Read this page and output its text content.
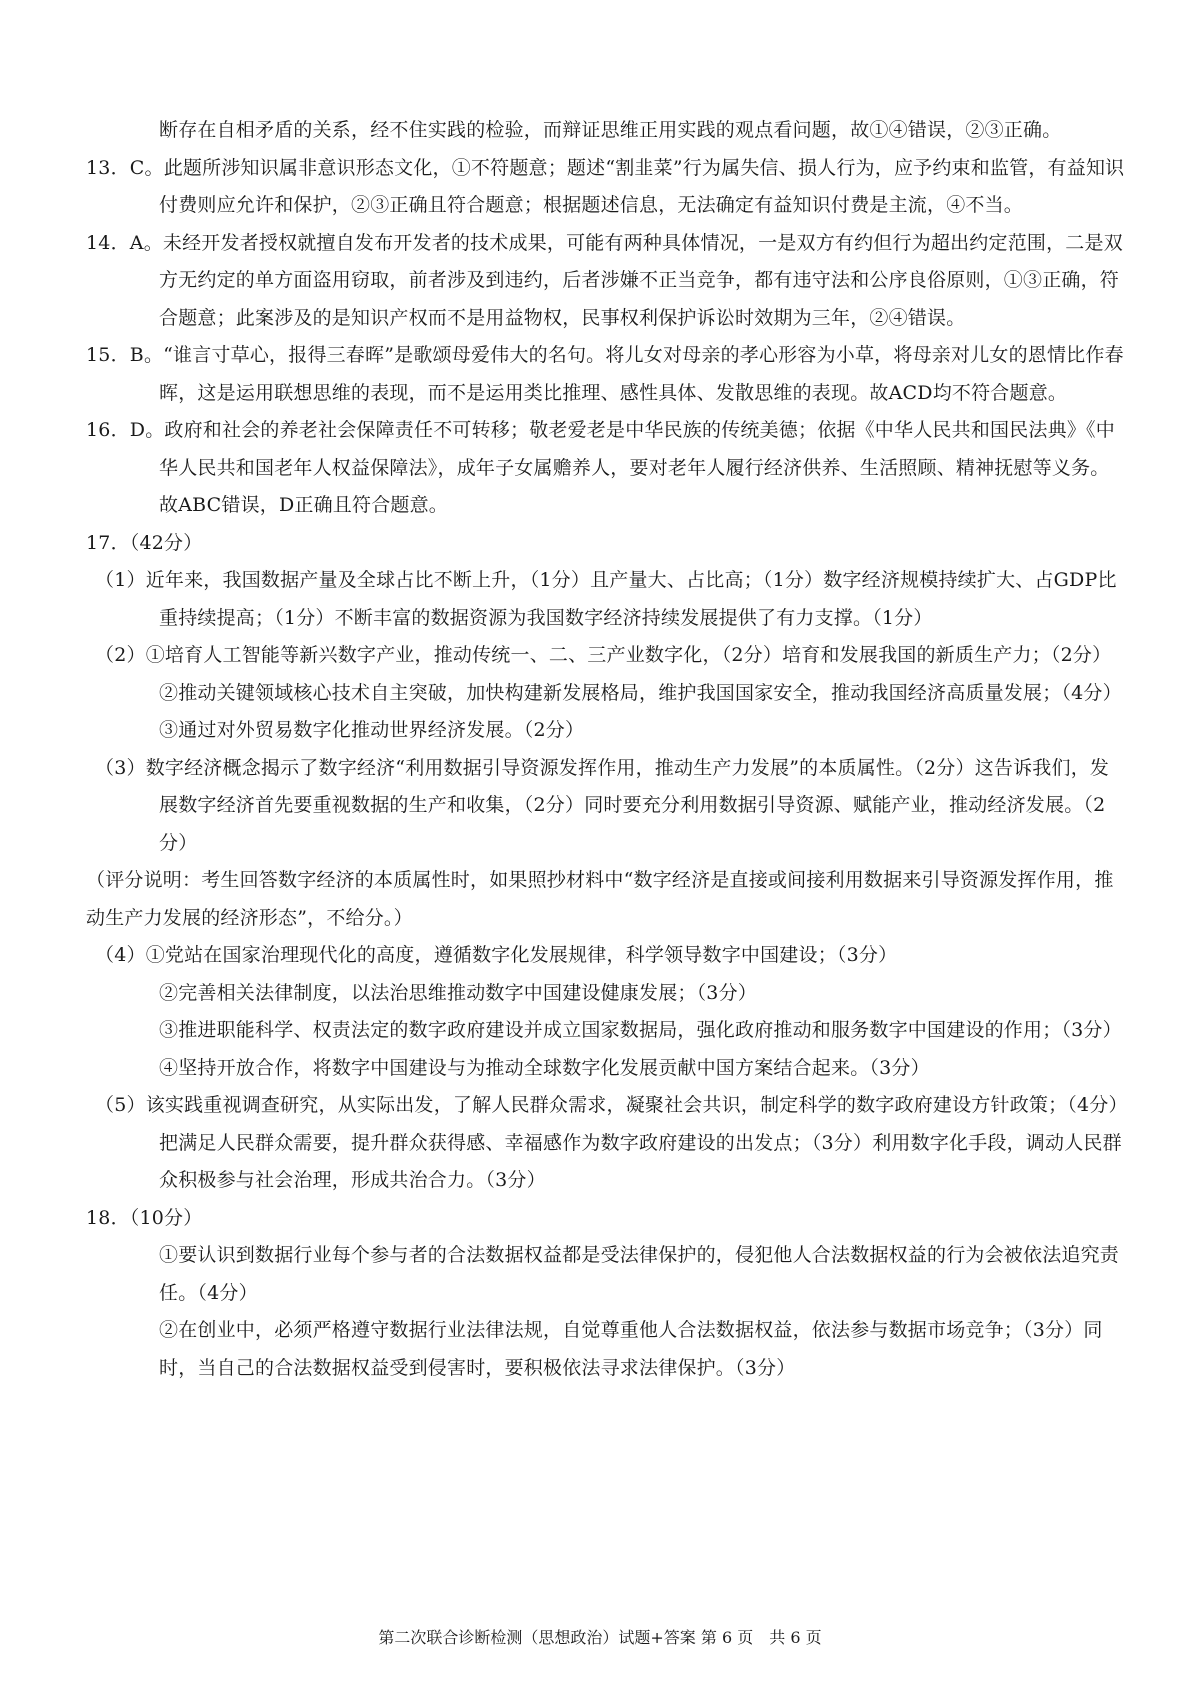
断存在自相矛盾的关系，经不住实践的检验，而辩证思维正用实践的观点看问题，故①④错误，②③正确。

13．C。此题所涉知识属非意识形态文化，①不符题意；题述“割韭菜”行为属失信、损人行为，应予约束和监管，有益知识付费则应允许和保护，②③正确且符合题意；根据题述信息，无法确定有益知识付费是主流，④不当。

14．A。未经开发者授权就擅自发布开发者的技术成果，可能有两种具体情况，一是双方有约但行为超出约定范围，二是双方无约定的单方面盗用窃取，前者涉及到违约，后者涉嫌不正当竞争，都有违守法和公序良俗原则，①③正确，符合题意；此案涉及的是知识产权而不是用益物权，民事权利保护诉讼时效期为三年，②④错误。

15．B。“谁言寸草心，报得三春晖”是歌颂母爱伟大的名句。将儿女对母亲的孝心形容为小草，将母亲对儿女的恩情比作春晖，这是运用联想思维的表现，而不是运用类比推理、感性具体、发散思维的表现。故ACD均不符合题意。

16．D。政府和社会的养老社会保障责任不可转移；敬老爱老是中华民族的传统美德；依据《中华人民共和国民法典》《中华人民共和国老年人权益保障法》，成年子女属赡养人，要对老年人履行经济供养、生活照顾、精神抚慰等义务。故ABC错误，D正确且符合题意。

17．（42分）

（1）近年来，我国数据产量及全球占比不断上升，（1分）且产量大、占比高；（1分）数字经济规模持续扩大、占GDP比重持续提高；（1分）不断丰富的数据资源为我国数字经济持续发展提供了有力支撑。（1分）

（2）①培育人工智能等新兴数字产业，推动传统一、二、三产业数字化，（2分）培育和发展我国的新质生产力；（2分）

②推动关键领域核心技术自主突破，加快构建新发展格局，维护我国国家安全，推动我国经济高质量发展；（4分）

③通过对外贸易数字化推动世界经济发展。（2分）

（3）数字经济概念揭示了数字经济“利用数据引导资源发挥作用，推动生产力发展”的本质属性。（2分）这告诉我们，发展数字经济首先要重视数据的生产和收集，（2分）同时要充分利用数据引导资源、赋能产业，推动经济发展。（2分）

（评分说明：考生回答数字经济的本质属性时，如果照抄材料中“数字经济是直接或间接利用数据来引导资源发挥作用，推动生产力发展的经济形态”，不给分。）

（4）①党站在国家治理现代化的高度，遵循数字化发展规律，科学领导数字中国建设；（3分）

②完善相关法律制度，以法治思维推动数字中国建设健康发展；（3分）

③推进职能科学、权责法定的数字政府建设并成立国家数据局，强化政府推动和服务数字中国建设的作用；（3分）

④坚持开放合作，将数字中国建设与为推动全球数字化发展贡献中国方案结合起来。（3分）

（5）该实践重视调查研究，从实际出发，了解人民群众需求，凝聚社会共识，制定科学的数字政府建设方针政策；（4分）把满足人民群众需要，提升群众获得感、幸福感作为数字政府建设的出发点；（3分）利用数字化手段，调动人民群众积极参与社会治理，形成共治合力。（3分）

18．（10分）

①要认识到数据行业每个参与者的合法数据权益都是受法律保护的，侵犯他人合法数据权益的行为会被依法追究责任。（4分）

②在创业中，必须严格遵守数据行业法律法规，自觉尊重他人合法数据权益，依法参与数据市场竞争；（3分）同时，当自己的合法数据权益受到侵害时，要积极依法寻求法律保护。（3分）

第二次联合诊断检测（思想政治）试题+答案 第 6 页　共 6 页
